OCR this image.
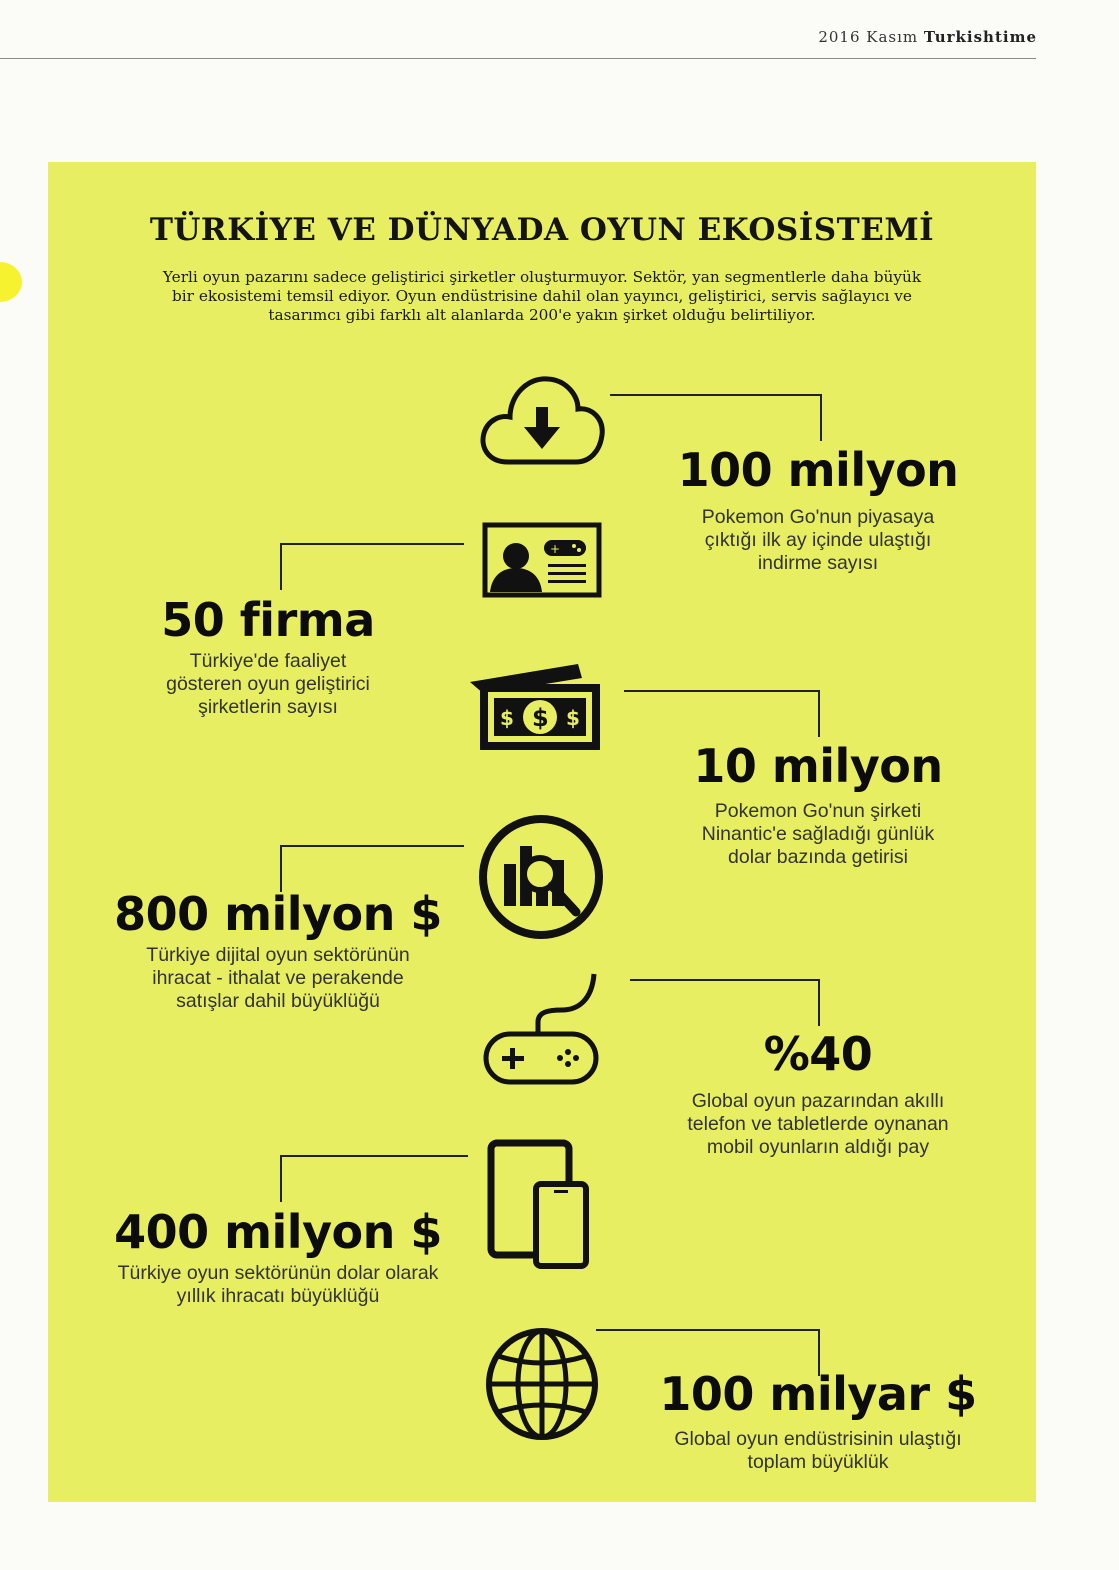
2016 Kasım Turkishtime
TÜRKİYE VE DÜNYADA OYUN EKOSİSTEMİ
Yerli oyun pazarını sadece geliştirici şirketler oluşturmuyor. Sektör, yan segmentlerle daha büyük
bir ekosistemi temsil ediyor. Oyun endüstrisine dahil olan yayıncı, geliştirici, servis sağlayıcı ve
tasarımcı gibi farklı alt alanlarda 200'e yakın şirket olduğu belirtiliyor.
+
$
$	$
100 milyon
Pokemon Go'nun piyasaya
çıktığı ilk ay içinde ulaştığı
indirme sayısı
50 firma
Türkiye'de faaliyet
gösteren oyun geliştirici
şirketlerin sayısı
10 milyon
Pokemon Go'nun şirketi
Ninantic'e sağladığı günlük
dolar bazında getirisi
800 milyon $
Türkiye dijital oyun sektörünün
ihracat - ithalat ve perakende
satışlar dahil büyüklüğü
%40
Global oyun pazarından akıllı
telefon ve tabletlerde oynanan
mobil oyunların aldığı pay
400 milyon $
Türkiye oyun sektörünün dolar olarak
yıllık ihracatı büyüklüğü
100 milyar $
Global oyun endüstrisinin ulaştığı
toplam büyüklük
